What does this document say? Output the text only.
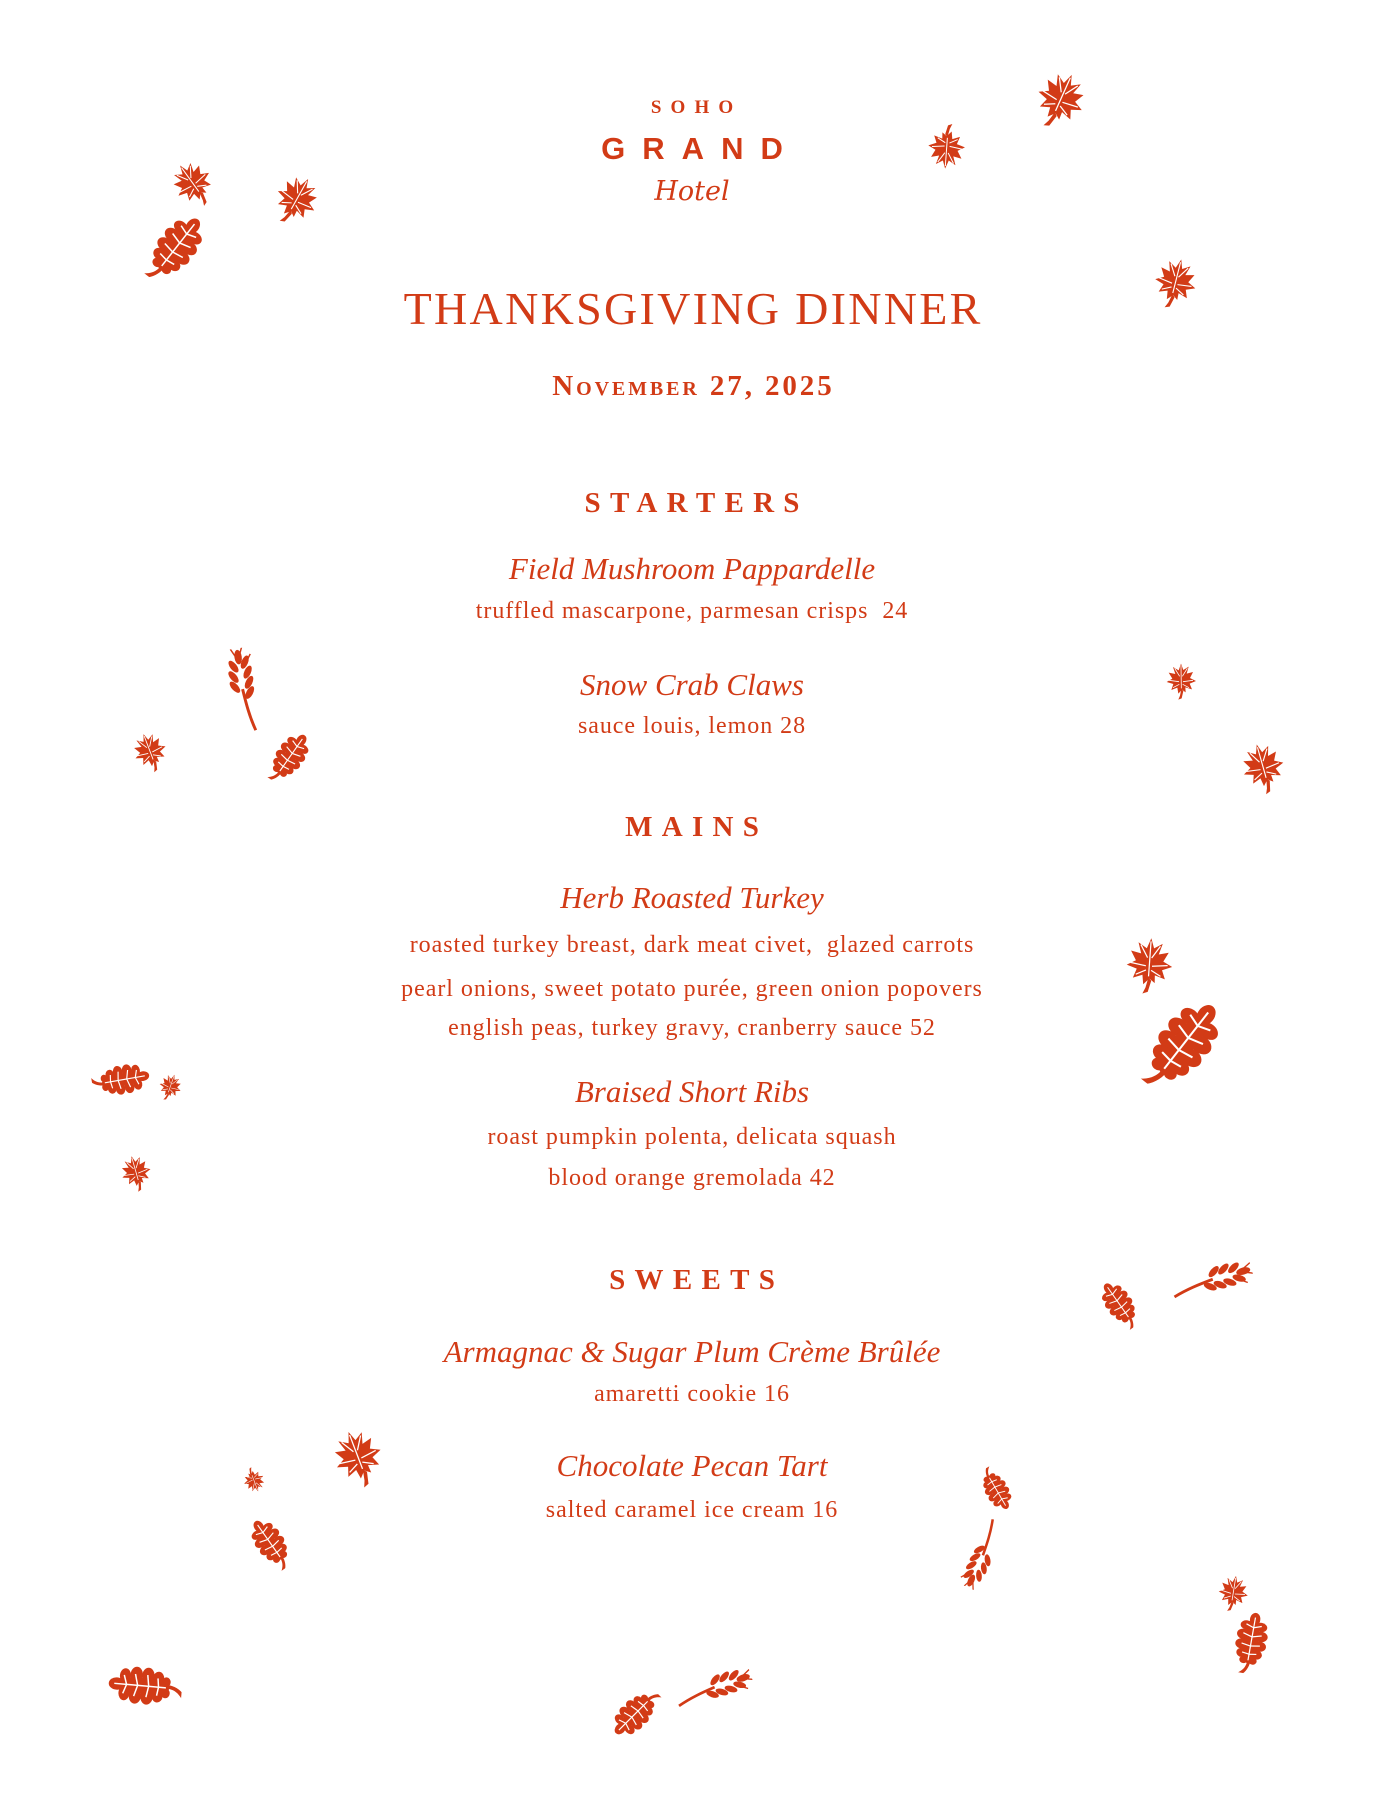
SOHO
GRAND
Hotel
THANKSGIVING DINNER
November 27, 2025
STARTERS
Field Mushroom Pappardelle
truffled mascarpone, parmesan crisps  24
Snow Crab Claws
sauce louis, lemon 28
MAINS
Herb Roasted Turkey
roasted turkey breast, dark meat civet,  glazed carrots
pearl onions, sweet potato purée, green onion popovers
english peas, turkey gravy, cranberry sauce 52
Braised Short Ribs
roast pumpkin polenta, delicata squash
blood orange gremolada 42
SWEETS
Armagnac & Sugar Plum Crème Brûlée
amaretti cookie 16
Chocolate Pecan Tart
salted caramel ice cream 16
